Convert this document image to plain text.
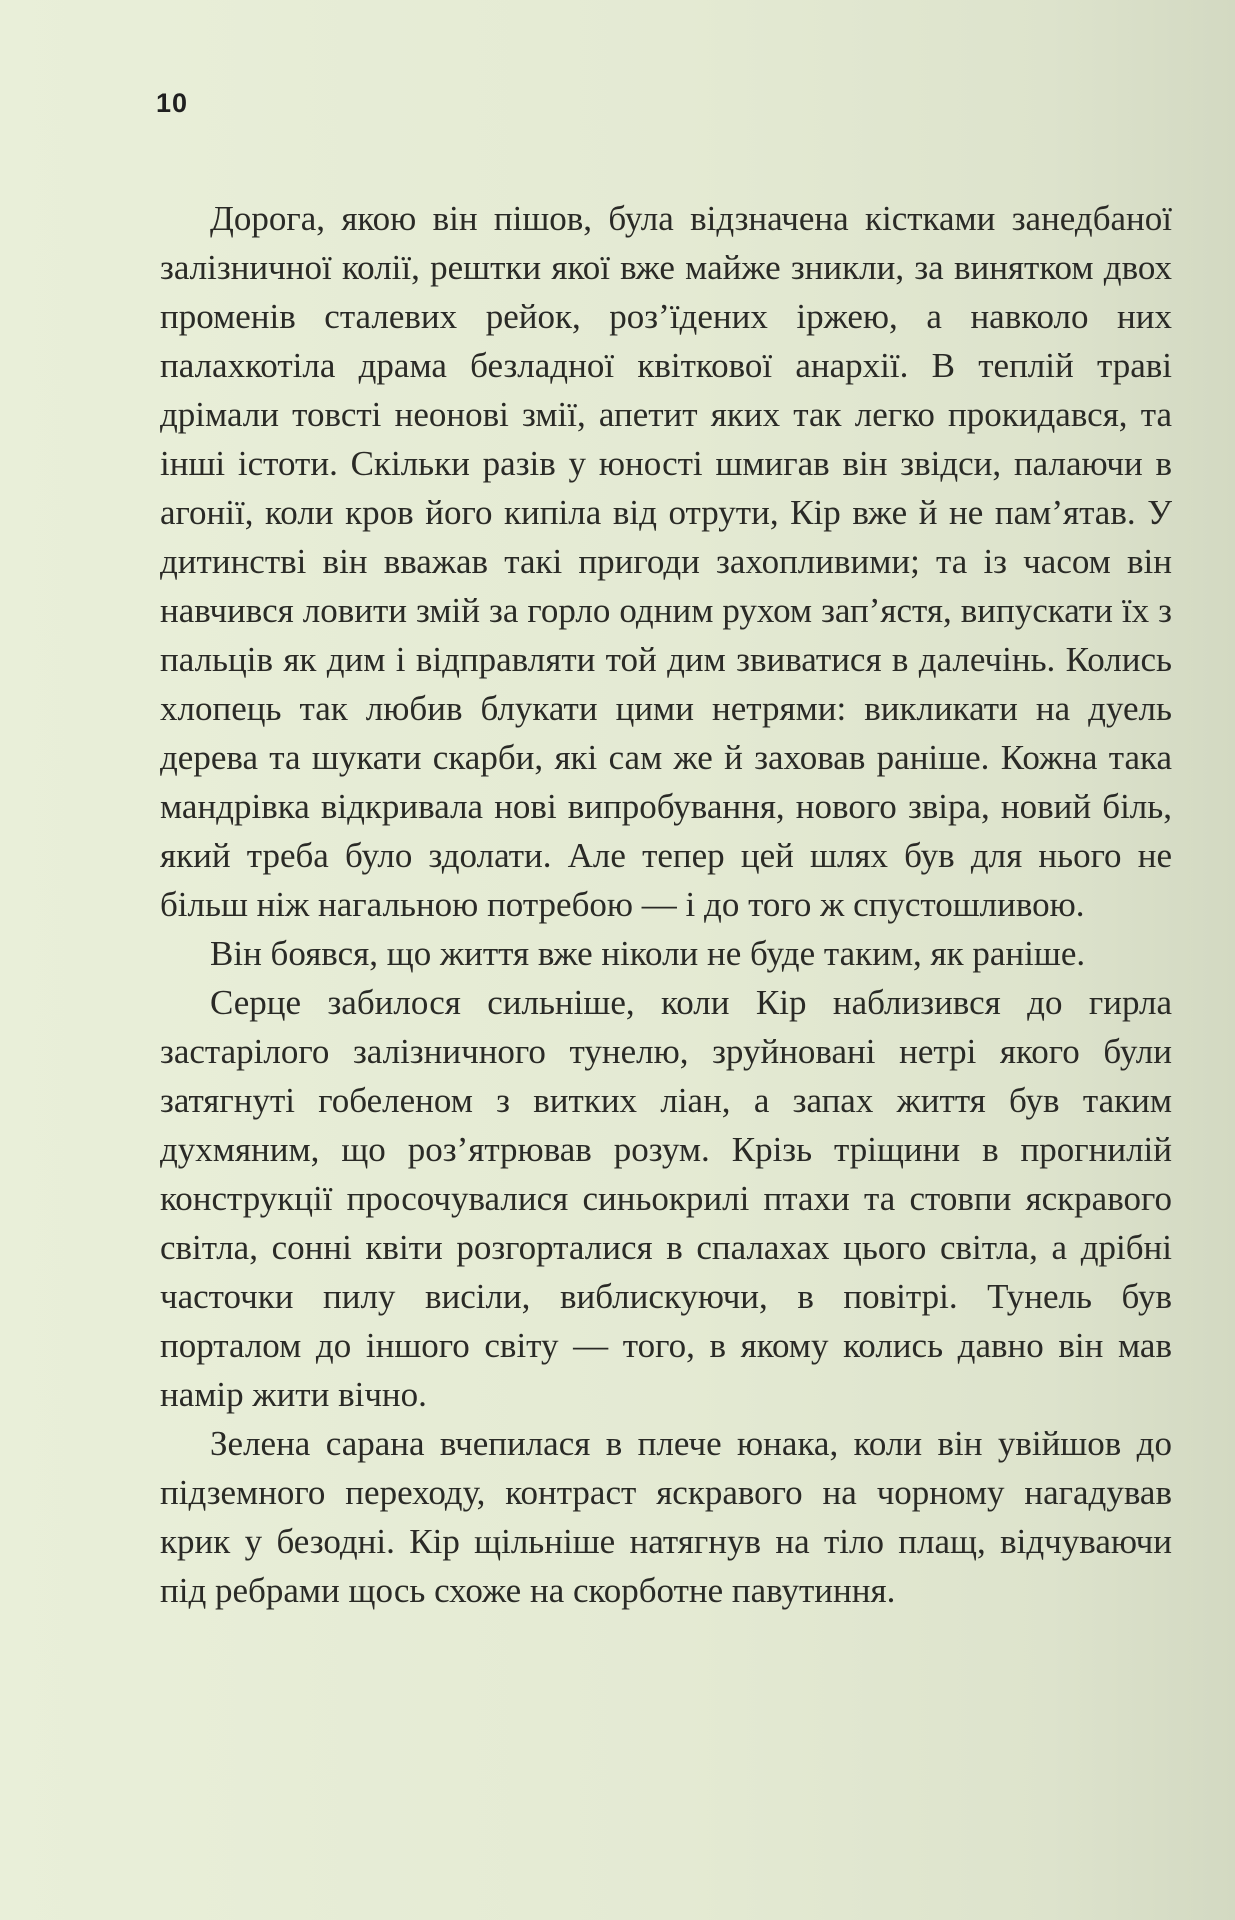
10

Дорога, якою він пішов, була відзначена кістками занедбаної залізничної колії, рештки якої вже майже зникли, за винятком двох променів сталевих рейок, роз’їдених іржею, а навколо них палахкотіла драма безладної квіткової анархії. В теплій траві дрімали товсті неонові змії, апетит яких так легко прокидався, та інші істоти. Скільки разів у юності шмигав він звідси, палаючи в агонії, коли кров його кипіла від отрути, Кір вже й не пам’ятав. У дитинстві він вважав такі пригоди захопливими; та із часом він навчився ловити змій за горло одним рухом зап’ястя, випускати їх з пальців як дим і відправляти той дим звиватися в далечінь. Колись хлопець так любив блукати цими нетрями: викликати на дуель дерева та шукати скарби, які сам же й заховав раніше. Кожна така мандрівка відкривала нові випробування, нового звіра, новий біль, який треба було здолати. Але тепер цей шлях був для нього не більш ніж нагальною потребою — і до того ж спустошливою.

Він боявся, що життя вже ніколи не буде таким, як раніше.

Серце забилося сильніше, коли Кір наблизився до гирла застарілого залізничного тунелю, зруйновані нетрі якого були затягнуті гобеленом з витких ліан, а запах життя був таким духмяним, що роз’ятрював розум. Крізь тріщини в прогнилій конструкції просочувалися синьокрилі птахи та стовпи яскравого світла, сонні квіти розгорталися в спалахах цього світла, а дрібні часточки пилу висіли, виблискуючи, в повітрі. Тунель був порталом до іншого світу — того, в якому колись давно він мав намір жити вічно.

Зелена сарана вчепилася в плече юнака, коли він увійшов до підземного переходу, контраст яскравого на чорному нагадував крик у безодні. Кір щільніше натягнув на тіло плащ, відчуваючи під ребрами щось схоже на скорботне павутиння.
